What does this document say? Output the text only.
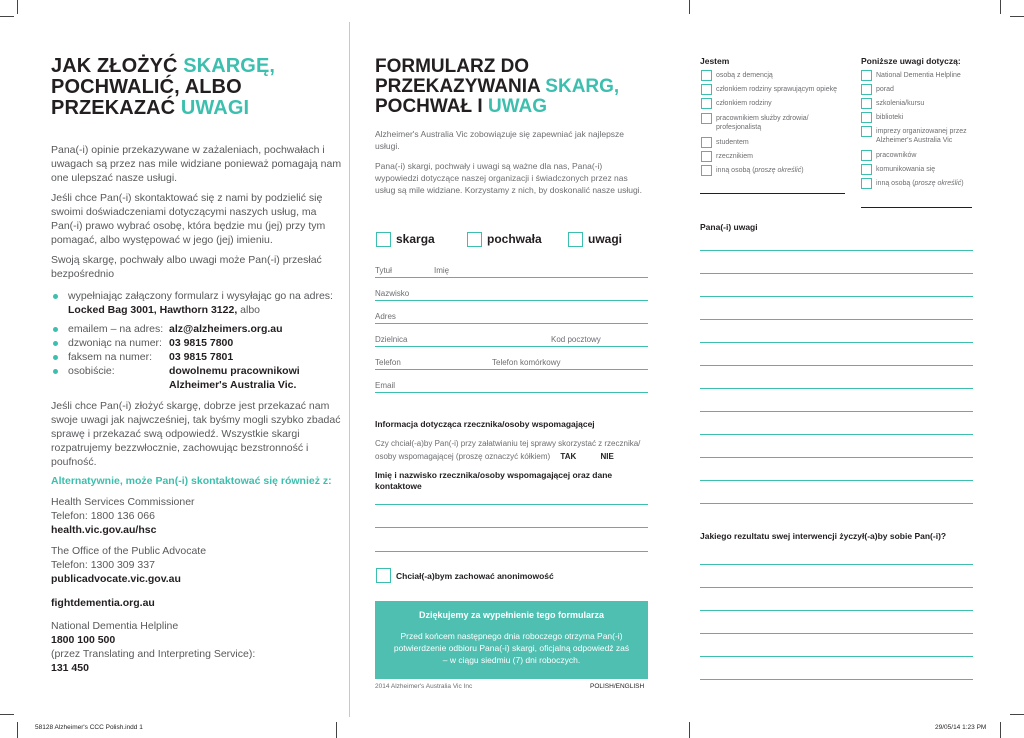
JAK ZŁOŻYĆ SKARGĘ,
POCHWALIĆ, ALBO
PRZEKAZAĆ UWAGI

Pana(-i) opinie przekazywane w zażaleniach, pochwałach i uwagach są przez nas mile widziane ponieważ pomagają nam one ulepszać nasze usługi.

Jeśli chce Pan(-i) skontaktować się z nami by podzielić się swoimi doświadczeniami dotyczącymi naszych usług, ma Pan(-i) prawo wybrać osobę, która będzie mu (jej) przy tym pomagać, albo występować w jego (jej) imieniu.

Swoją skargę, pochwały albo uwagi może Pan(-i) przesłać bezpośrednio

wypełniając załączony formularz i wysyłając go na adres:
Locked Bag 3001, Hawthorn 3122, albo

emailem – na adres: alz@alzheimers.org.au

dzwoniąc na numer: 03 9815 7800

faksem na numer: 03 9815 7801

osobiście:	dowolnemu pracownikowi
Alzheimer's Australia Vic.

Jeśli chce Pan(-i) złożyć skargę, dobrze jest przekazać nam swoje uwagi jak najwcześniej, tak byśmy mogli szybko zbadać sprawę i przekazać swą odpowiedź. Wszystkie skargi rozpatrujemy bezzwłocznie, zachowując bezstronność i poufność.

Alternatywnie, może Pan(-i) skontaktować się również z:

Health Services Commissioner
Telefon: 1800 136 066
health.vic.gov.au/hsc

The Office of the Public Advocate
Telefon: 1300 309 337
publicadvocate.vic.gov.au

fightdementia.org.au

National Dementia Helpline
1800 100 500
(przez Translating and Interpreting Service):
131 450

FORMULARZ DO
PRZEKAZYWANIA SKARG,
POCHWAŁ I UWAG

Alzheimer's Australia Vic zobowiązuje się zapewniać jak najlepsze usługi.

Pana(-i) skargi, pochwały i uwagi są ważne dla nas, Pana(-i) wypowiedzi dotyczące naszej organizacji i świadczonych przez nas usług są mile widziane. Korzystamy z nich, by doskonalić nasze usługi.

skarga	pochwała	uwagi
Tytuł	Imię
Nazwisko
Adres
Dzielnica	Kod pocztowy
Telefon	Telefon komórkowy
Email
Informacja dotycząca rzecznika/osoby wspomagającej
Czy chciał(-a)by Pan(-i) przy załatwianiu tej sprawy skorzystać z rzecznika/
osoby wspomagającej (proszę oznaczyć kółkiem) TAK	NIE
Imię i nazwisko rzecznika/osoby wspomagającej oraz dane kontaktowe
Chciał(-a)bym zachować anonimowość
Dziękujemy za wypełnienie tego formularza
Przed końcem następnego dnia roboczego otrzyma Pan(-i) potwierdzenie odbioru Pana(-i) skargi, oficjalną odpowiedź zaś – w ciągu siedmiu (7) dni roboczych.
2014 Alzheimer's Australia Vic Inc	POLISH/ENGLISH
Jestem	Poniższe uwagi dotyczą:
osobą z demencją
członkiem rodziny sprawującym opiekę
członkiem rodziny
pracownikiem służby zdrowia/ profesjonalistą
studentem
rzecznikiem
inną osobą (proszę określić)
National Dementia Helpline
porad
szkolenia/kursu
biblioteki
imprezy organizowanej przez Alzheimer's Australia Vic
pracowników
komunikowania się
inną osobą (proszę określić)
Pana(-i) uwagi
Jakiego rezultatu swej interwencji życzył(-a)by sobie Pan(-i)?
58128 Alzheimer's CCC Polish.indd 1	29/05/14 1:23 PM
